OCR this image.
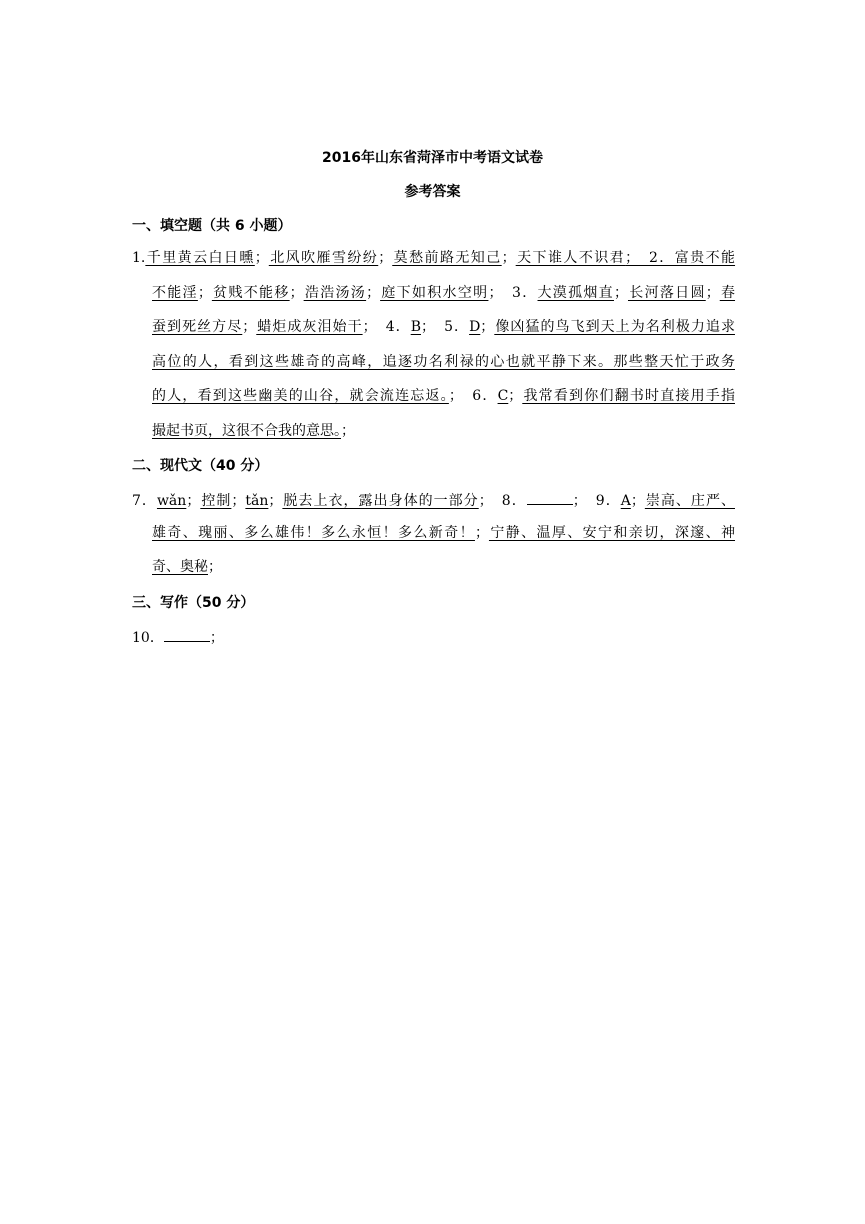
2016年山东省菏泽市中考语文试卷
参考答案
一、填空题（共 6 小题）

1.千里黄云白日曛；北风吹雁雪纷纷；莫愁前路无知己；天下谁人不识君；　2．富贵不能

不能淫；贫贱不能移；浩浩汤汤；庭下如积水空明；　3．大漠孤烟直；长河落日圆；春

蚕到死丝方尽；蜡炬成灰泪始干；　4．B；　5．D；像凶猛的鸟飞到天上为名利极力追求

高位的人，看到这些雄奇的高峰，追逐功名利禄的心也就平静下来。那些整天忙于政务

的人，看到这些幽美的山谷，就会流连忘返。；　6．C；我常看到你们翻书时直接用手指

撮起书页，这很不合我的意思。；

二、现代文（40 分）

7．wǎn；控制；tǎn；脱去上衣，露出身体的一部分；　8．	；　9．A；崇高、庄严、

雄奇、瑰丽、多么雄伟！多么永恒！多么新奇！；宁静、温厚、安宁和亲切，深邃、神

奇、奥秘；

三、写作（50 分）

10．	；
